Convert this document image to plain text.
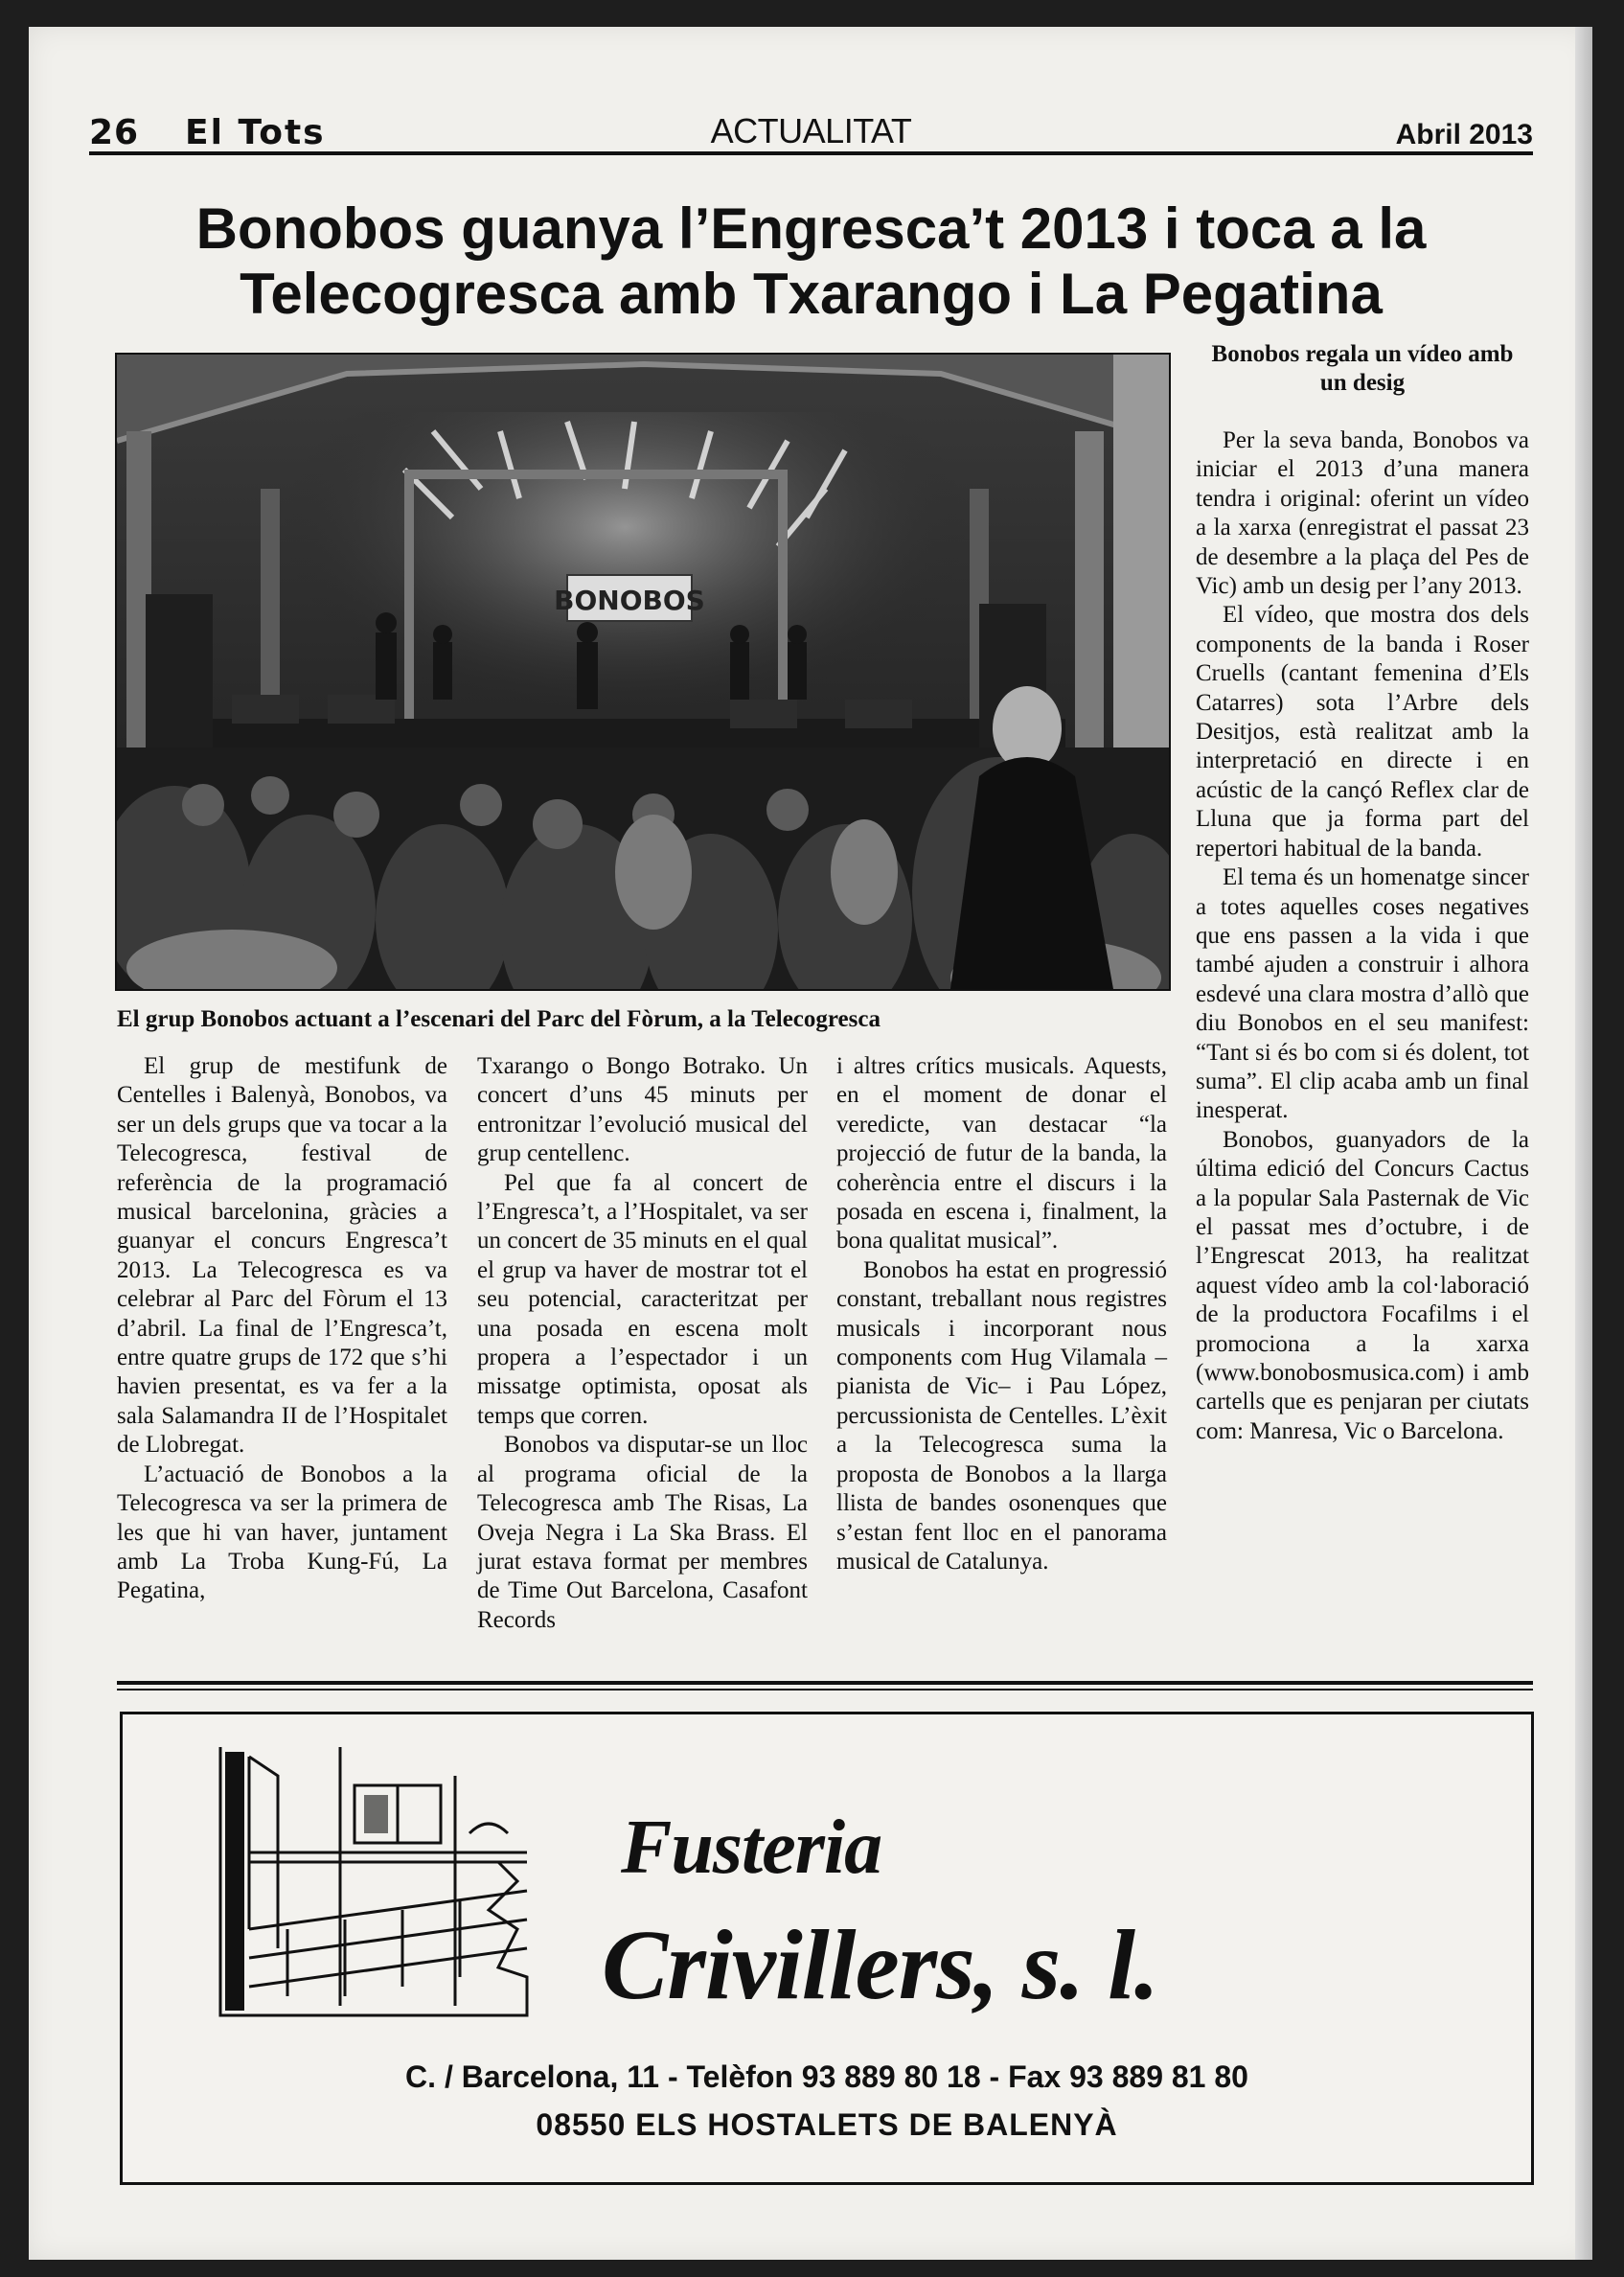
26 El Tots	ACTUALITAT	Abril 2013
Bonobos guanya l’Engresca’t 2013 i toca a la
Telecogresca amb Txarango i La Pegatina
BONOBOS
El grup Bonobos actuant a l’escenari del Parc del Fòrum, a la Telecogresca

El grup de mestifunk de Centelles i Balenyà, Bonobos, va ser un dels grups que va tocar a la Telecogresca, festival de referència de la programació musical barcelonina, gràcies a guanyar el concurs Engresca’t 2013. La Telecogresca es va celebrar al Parc del Fòrum el 13 d’abril. La final de l’Engresca’t, entre quatre grups de 172 que s’hi havien presentat, es va fer a la sala Salamandra II de l’Hospitalet de Llobregat.

L’actuació de Bonobos a la Telecogresca va ser la primera de les que hi van haver, juntament amb La Troba Kung-Fú, La Pegatina,

Txarango o Bongo Botrako. Un concert d’uns 45 minuts per entronitzar l’evolució musical del grup centellenc.

Pel que fa al concert de l’Engresca’t, a l’Hospitalet, va ser un concert de 35 minuts en el qual el grup va haver de mostrar tot el seu potencial, caracteritzat per una posada en escena molt propera a l’espectador i un missatge optimista, oposat als temps que corren.

Bonobos va disputar-se un lloc al programa oficial de la Telecogresca amb The Risas, La Oveja Negra i La Ska Brass. El jurat estava format per membres de Time Out Barcelona, Casafont Records

i altres crítics musicals. Aquests, en el moment de donar el veredicte, van destacar “la projecció de futur de la banda, la coherència entre el discurs i la posada en escena i, finalment, la bona qualitat musical”.

Bonobos ha estat en progressió constant, treballant nous registres musicals i incorporant nous components com Hug Vilamala –pianista de Vic– i Pau López, percussionista de Centelles. L’èxit a la Telecogresca suma la proposta de Bonobos a la llarga llista de bandes osonenques que s’estan fent lloc en el panorama musical de Catalunya.

Bonobos regala un vídeo amb un desig

Per la seva banda, Bonobos va iniciar el 2013 d’una manera tendra i original: oferint un vídeo a la xarxa (enregistrat el passat 23 de desembre a la plaça del Pes de Vic) amb un desig per l’any 2013.

El vídeo, que mostra dos dels components de la banda i Roser Cruells (cantant femenina d’Els Catarres) sota l’Arbre dels Desitjos, està realitzat amb la interpretació en directe i en acústic de la cançó Reflex clar de Lluna que ja forma part del repertori habitual de la banda.

El tema és un homenatge sincer a totes aquelles coses negatives que ens passen a la vida i que també ajuden a construir i alhora esdevé una clara mostra d’allò que diu Bonobos en el seu manifest: “Tant si és bo com si és dolent, tot suma”. El clip acaba amb un final inesperat.

Bonobos, guanyadors de la última edició del Concurs Cactus a la popular Sala Pasternak de Vic el passat mes d’octubre, i de l’Engrescat 2013, ha realitzat aquest vídeo amb la col·laboració de la productora Focafilms i el promociona a la xarxa (www.bonobosmusica.com) i amb cartells que es penjaran per ciutats com: Manresa, Vic o Barcelona.

Fusteria
Crivillers, s. l.
C. / Barcelona, 11 - Telèfon 93 889 80 18 - Fax 93 889 81 80
08550 ELS HOSTALETS DE BALENYÀ
